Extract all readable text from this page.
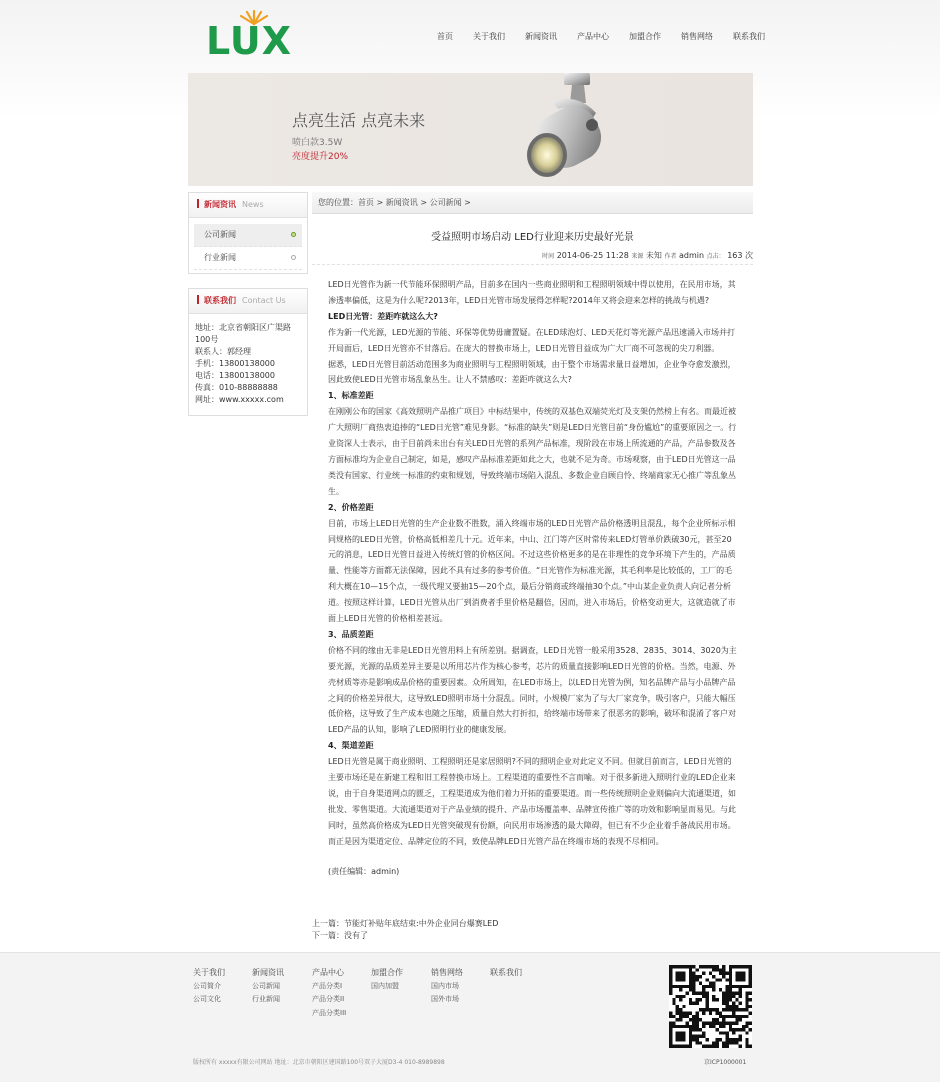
LUX	首页	关于我们	新闻资讯	产品中心	加盟合作	销售网络	联系我们
点亮生活 点亮未来
喷白款3.5W
亮度提升20%
新闻资讯 News
公司新闻
行业新闻
联系我们 Contact Us
地址：北京省朝阳区广渠路
100号
联系人：郭经理
手机：13800138000
电话：13800138000
传真：010-88888888
网址：www.xxxxx.com
您的位置：首页 > 新闻资讯 > 公司新闻 >
受益照明市场启动 LED行业迎来历史最好光景
时间 2014-06-25 11:28 来源 未知 作者 admin 点击： 163 次

LED日光管作为新一代节能环保照明产品，目前多在国内一些商业照明和工程照明领域中得以使用，在民用市场，其渗透率偏低，这是为什么呢?2013年，LED日光管市场发展得怎样呢?2014年又将会迎来怎样的挑战与机遇?

LED日光管：差距咋就这么大?

作为新一代光源，LED光源的节能、环保等优势毋庸置疑。在LED球泡灯、LED天花灯等光源产品迅速涌入市场并打开局面后，LED日光管亦不甘落后。在庞大的替换市场上，LED日光管目益成为广大厂商不可忽视的尖刀利器。

据悉，LED日光管目前活动范围多为商业照明与工程照明领域，由于整个市场需求量日益增加，企业争夺愈发激烈，因此致使LED日光管市场乱象丛生。让人不禁感叹：差距咋就这么大?

1、标准差距

在刚刚公布的国家《高效照明产品推广项目》中标结果中，传统的双基色双端荧光灯及支架仍然榜上有名。而最近被广大照明厂商热衷追捧的“LED日光管”难见身影。“标准的缺失”则是LED日光管目前“身份尴尬”的重要原因之一。行业资深人士表示，由于目前尚未出台有关LED日光管的系列产品标准，现阶段在市场上所流通的产品，产品参数及各方面标准均为企业自己制定，如是，感叹产品标准差距如此之大，也就不足为奇。市场观察，由于LED日光管这一品类没有国家、行业统一标准的约束和规划，导致终端市场陷入混乱、多数企业自顾自怜、终端商家无心推广等乱象丛生。

2、价格差距

目前，市场上LED日光管的生产企业数不胜数，涌入终端市场的LED日光管产品价格透明且混乱，每个企业所标示相同规格的LED日光管，价格高低相差几十元。近年来，中山、江门等产区时常传来LED灯管单价跌破30元，甚至20元的消息，LED日光管日益进入传统灯管的价格区间。不过这些价格更多的是在非理性的竞争环境下产生的，产品质量、性能等方面都无法保障，因此不具有过多的参考价值。“日光管作为标准光源，其毛利率是比较低的，工厂的毛利大概在10—15个点，一级代理又要抽15—20个点，最后分销商或终端抽30个点。”中山某企业负责人向记者分析道。按照这样计算，LED日光管从出厂到消费者手里价格是翻倍，因而，进入市场后，价格变动更大，这就造就了市面上LED日光管的价格相差甚远。

3、品质差距

价格不同的缘由无非是LED日光管用料上有所差别。据调查，LED日光管一般采用3528、2835、3014、3020为主要光源，光源的品质差异主要是以所用芯片作为核心参考，芯片的质量直接影响LED日光管的价格。当然，电源、外壳材质等亦是影响成品价格的重要因素。众所周知，在LED市场上，以LED日光管为例，知名品牌产品与小品牌产品之间的价格差异很大，这导致LED照明市场十分混乱。同时，小规模厂家为了与大厂家竞争，吸引客户，只能大幅压低价格，这导致了生产成本也随之压缩，质量自然大打折扣，给终端市场带来了很恶劣的影响，破坏和混淆了客户对LED产品的认知，影响了LED照明行业的健康发展。

4、渠道差距

LED日光管是属于商业照明、工程照明还是家居照明?不同的照明企业对此定义不同。但就目前而言，LED日光管的主要市场还是在新建工程和旧工程替换市场上。工程渠道的重要性不言而喻。对于很多新进入照明行业的LED企业来说，由于自身渠道网点的匮乏，工程渠道成为他们着力开拓的重要渠道。而一些传统照明企业则偏向大流通渠道，如批发、零售渠道。大流通渠道对于产品业绩的提升、产品市场覆盖率、品牌宣传推广等的功效和影响显而易见。与此同时，虽然高价格成为LED日光管突破现有份额，向民用市场渗透的最大障碍，但已有不少企业着手备战民用市场。而正是因为渠道定位、品牌定位的不同，致使品牌LED日光管产品在终端市场的表现不尽相同。

(责任编辑：admin)

上一篇：节能灯补贴年底结束:中外企业同台爆赛LED
下一篇：没有了
关于我们
公司简介
公司文化
新闻资讯
公司新闻
行业新闻
产品中心
产品分类I
产品分类II
产品分类III
加盟合作
国内加盟
销售网络
国内市场
国外市场
联系我们
版权所有 xxxxx有限公司网站 地址：北京市朝阳区建国路100号双子大厦D3-4 010-8989898	京ICP1000001
